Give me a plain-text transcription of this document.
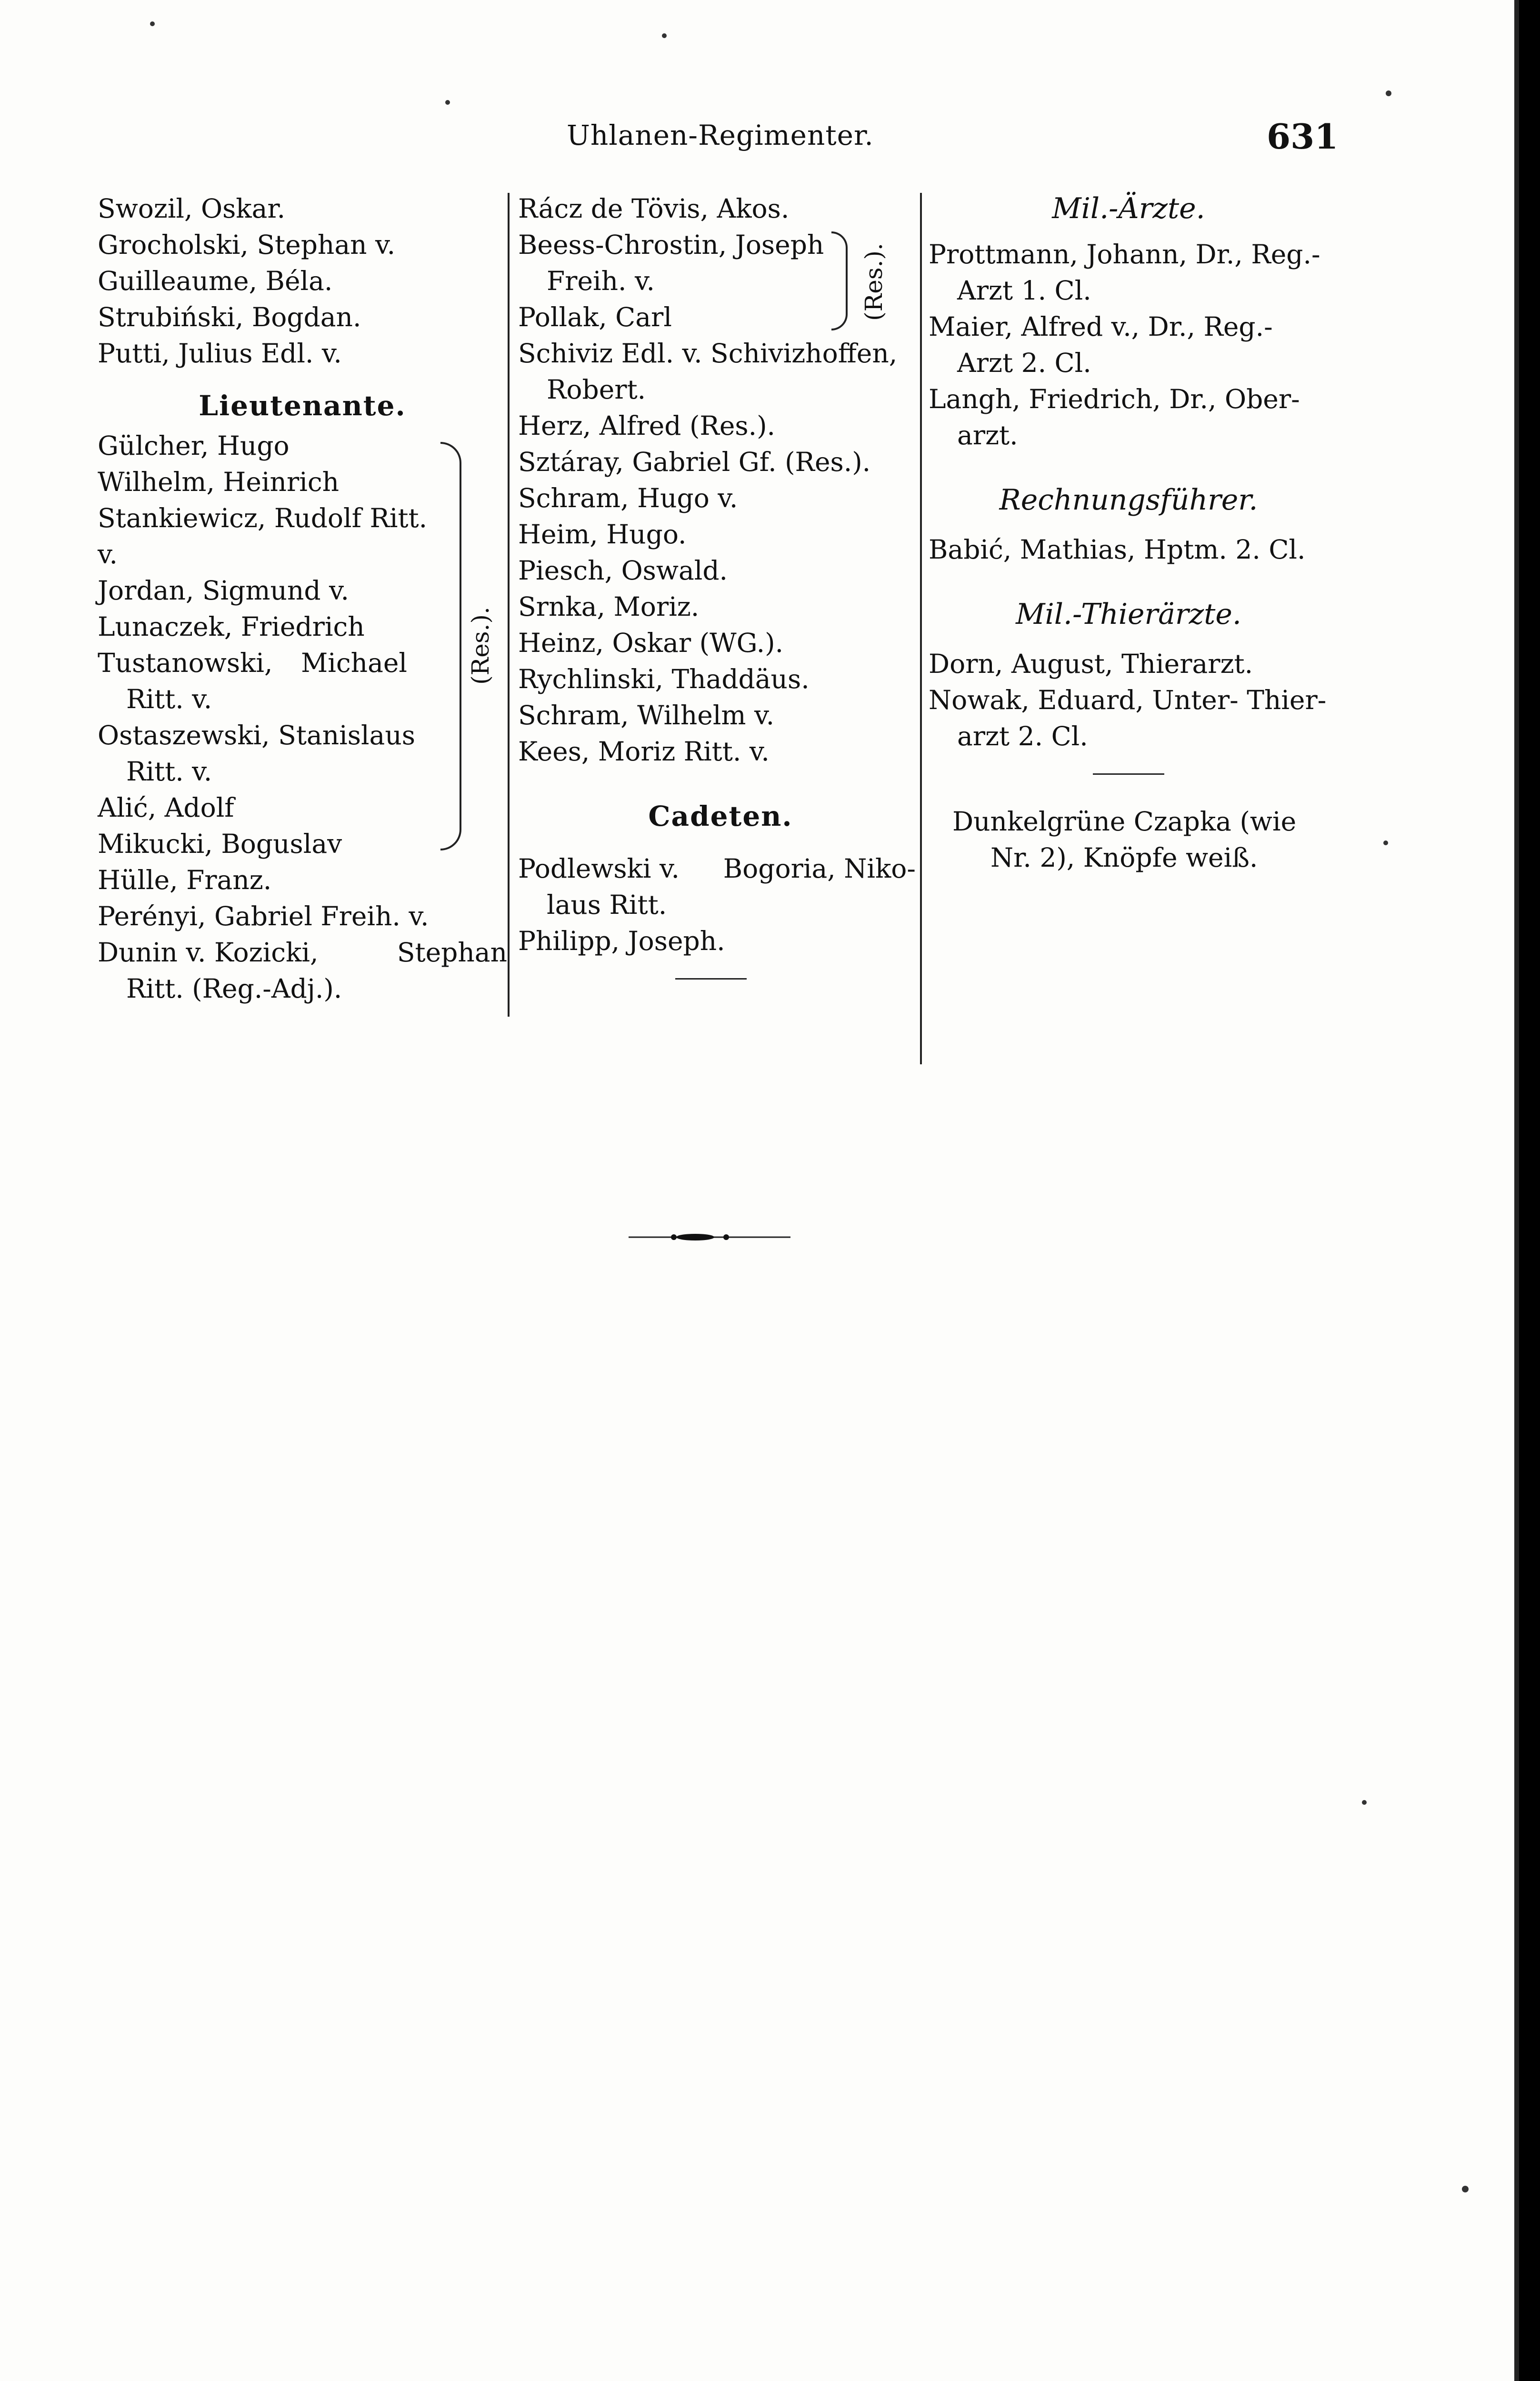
Uhlanen-Regimenter.	631
Swozil, Oskar.
Grocholski, Stephan v.
Guilleaume, Béla.
Strubiński, Bogdan.
Putti, Julius Edl. v.
Lieutenante.
Gülcher, Hugo
Wilhelm, Heinrich
Stankiewicz, Rudolf Ritt.
v.
Jordan, Sigmund v.
Lunaczek, Friedrich
Tustanowski, Michael
Ritt. v.
Ostaszewski, Stanislaus
Ritt. v.
Alić, Adolf
Mikucki, Boguslav
(Res.).
Hülle, Franz.
Perényi, Gabriel Freih. v.
Dunin v. Kozicki,	Stephan
Ritt. (Reg.-Adj.).
Rácz de Tövis, Akos.
Beess-Chrostin, Joseph
Freih. v.
Pollak, Carl	(Res.).
Schiviz Edl. v. Schivizhoffen,
Robert.
Herz, Alfred (Res.).
Sztáray, Gabriel Gf. (Res.).
Schram, Hugo v.
Heim, Hugo.
Piesch, Oswald.
Srnka, Moriz.
Heinz, Oskar (WG.).
Rychlinski, Thaddäus.
Schram, Wilhelm v.
Kees, Moriz Ritt. v.
Cadeten.
Podlewski v. Bogoria, Niko-
laus Ritt.
Philipp, Joseph.
Mil.-Ärzte.
Prottmann, Johann, Dr., Reg.-
Arzt 1. Cl.
Maier, Alfred v., Dr., Reg.-
Arzt 2. Cl.
Langh, Friedrich, Dr., Ober-
arzt.
Rechnungsführer.
Babić, Mathias, Hptm. 2. Cl.
Mil.-Thierärzte.
Dorn, August, Thierarzt.
Nowak, Eduard, Unter- Thier-
arzt 2. Cl.
Dunkelgrüne Czapka (wie
Nr. 2), Knöpfe weiß.
